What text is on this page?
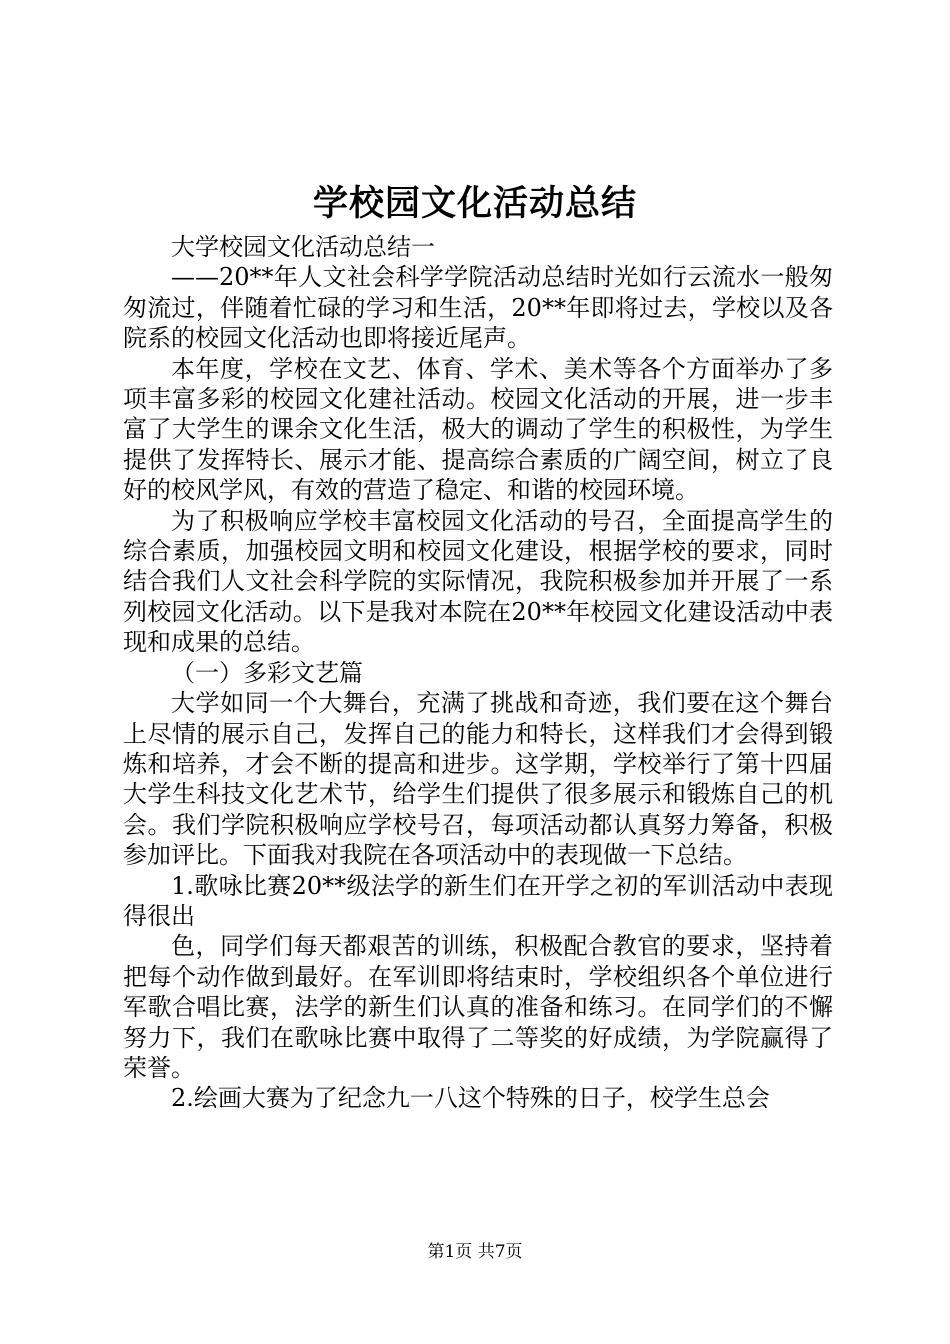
学校园文化活动总结

大学校园文化活动总结一

——20**年人文社会科学学院活动总结时光如行云流水一般匆匆流过，伴随着忙碌的学习和生活，20**年即将过去，学校以及各院系的校园文化活动也即将接近尾声。

本年度，学校在文艺、体育、学术、美术等各个方面举办了多项丰富多彩的校园文化建社活动。校园文化活动的开展，进一步丰富了大学生的课余文化生活，极大的调动了学生的积极性，为学生提供了发挥特长、展示才能、提高综合素质的广阔空间，树立了良好的校风学风，有效的营造了稳定、和谐的校园环境。

为了积极响应学校丰富校园文化活动的号召，全面提高学生的综合素质，加强校园文明和校园文化建设，根据学校的要求，同时结合我们人文社会科学院的实际情况，我院积极参加并开展了一系列校园文化活动。以下是我对本院在20**年校园文化建设活动中表现和成果的总结。

（一）多彩文艺篇

大学如同一个大舞台，充满了挑战和奇迹，我们要在这个舞台上尽情的展示自己，发挥自己的能力和特长，这样我们才会得到锻炼和培养，才会不断的提高和进步。这学期，学校举行了第十四届大学生科技文化艺术节，给学生们提供了很多展示和锻炼自己的机会。我们学院积极响应学校号召，每项活动都认真努力筹备，积极参加评比。下面我对我院在各项活动中的表现做一下总结。

1.歌咏比赛20**级法学的新生们在开学之初的军训活动中表现得很出

色，同学们每天都艰苦的训练，积极配合教官的要求，坚持着把每个动作做到最好。在军训即将结束时，学校组织各个单位进行军歌合唱比赛，法学的新生们认真的准备和练习。在同学们的不懈努力下，我们在歌咏比赛中取得了二等奖的好成绩，为学院赢得了荣誉。

2.绘画大赛为了纪念九一八这个特殊的日子，校学生总会

第1页 共7页
